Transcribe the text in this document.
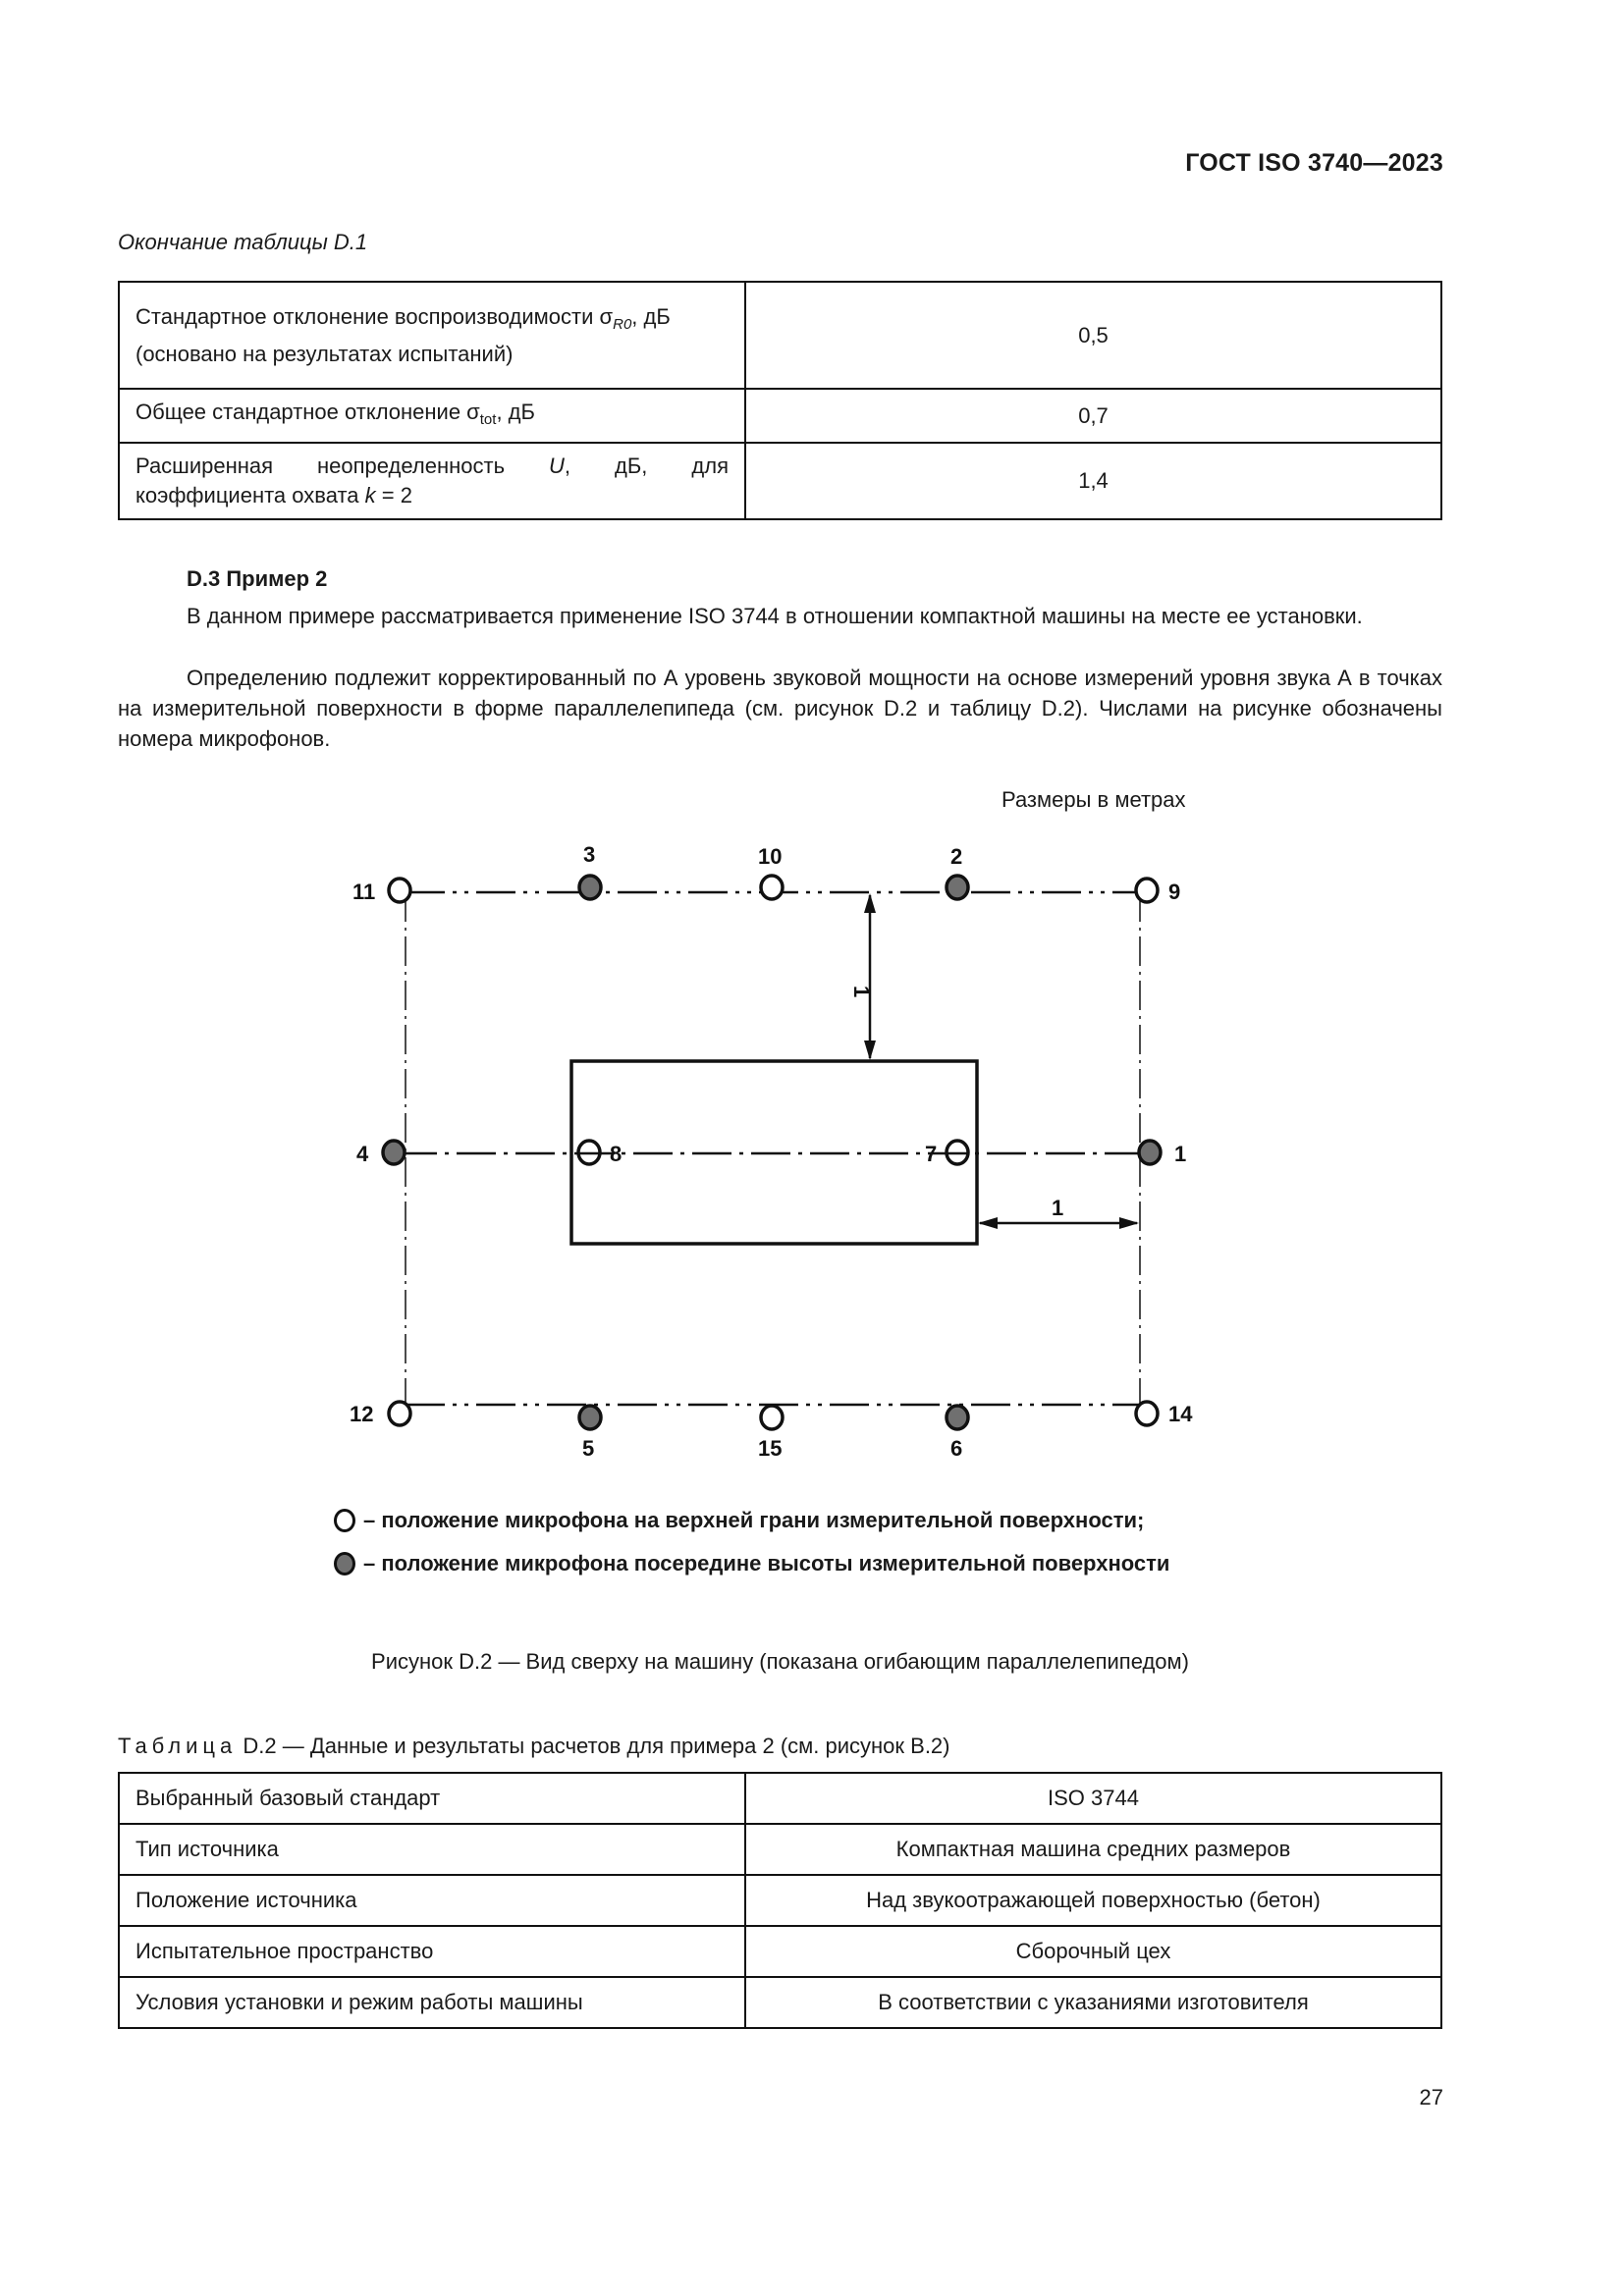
ГОСТ ISO 3740—2023
Окончание таблицы D.1
Стандартное отклонение воспроизводимости $\sigma_{R0}$, дБ
(основано на результатах испытаний)	0,5
Общее стандартное отклонение $\sigma_{tot}$, дБ	0,7
Расширенная неопределенность U, дБ, для коэффициента охвата k = 2	1,4
D.3 Пример 2
В данном примере рассматривается применение ISO 3744 в отношении компактной машины на месте ее установки.
Определению подлежит корректированный по А уровень звуковой мощности на основе измерений уровня звука А в точках на измерительной поверхности в форме параллелепипеда (см. рисунок D.2 и таблицу D.2). Числами на рисунке обозначены номера микрофонов.
Размеры в метрах
1
1
11
3	10	2
9
4	8	7	1
12
5	15	6
14
– положение микрофона на верхней грани измерительной поверхности;
– положение микрофона посередине высоты измерительной поверхности
Рисунок D.2 — Вид сверху на машину (показана огибающим параллелепипедом)
Таблица D.2 — Данные и результаты расчетов для примера 2 (см. рисунок B.2)
Выбранный базовый стандарт	ISO 3744
Тип источника	Компактная машина средних размеров
Положение источника	Над звукоотражающей поверхностью (бетон)
Испытательное пространство	Сборочный цех
Условия установки и режим работы машины	В соответствии с указаниями изготовителя
27
